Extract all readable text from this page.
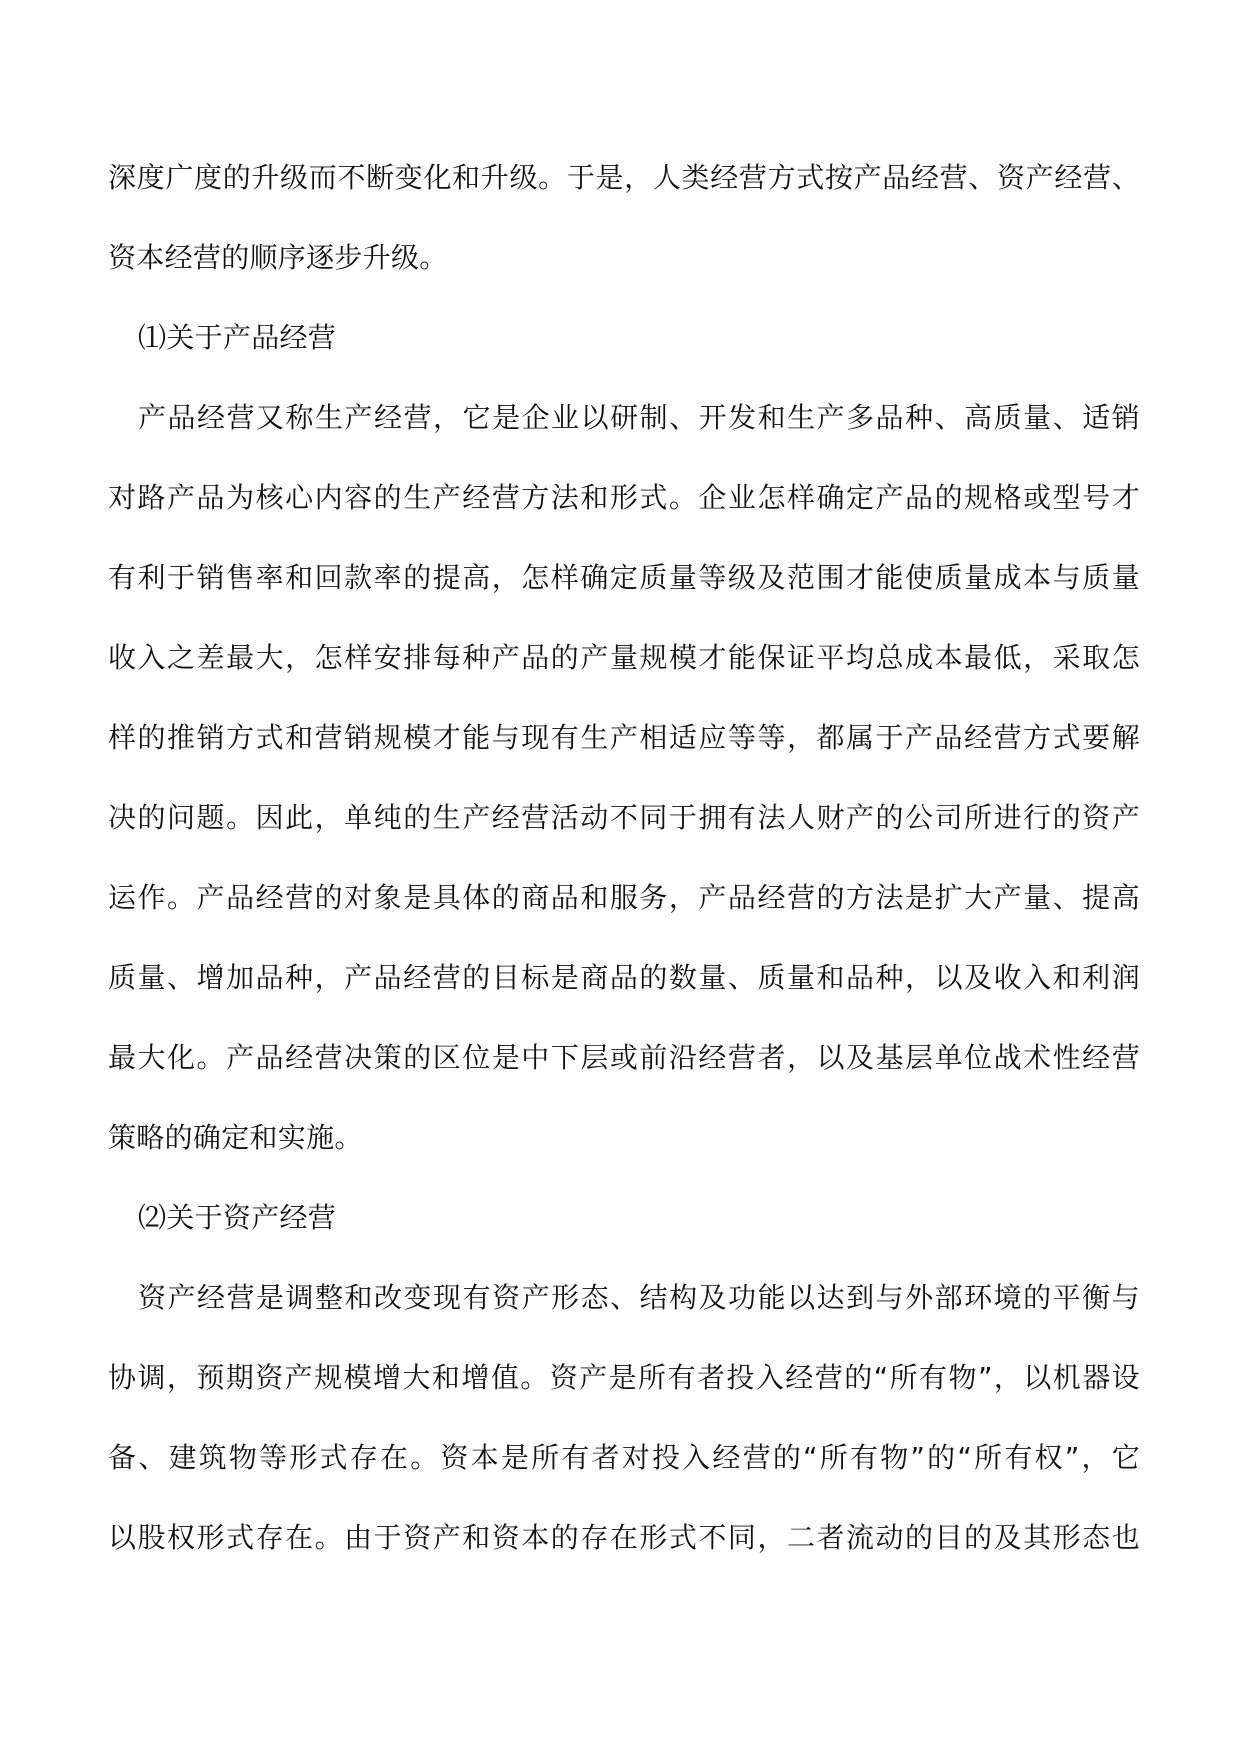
深度广度的升级而不断变化和升级。于是，人类经营方式按产品经营、资产经营、
资本经营的顺序逐步升级。
⑴关于产品经营
产品经营又称生产经营，它是企业以研制、开发和生产多品种、高质量、适销
对路产品为核心内容的生产经营方法和形式。企业怎样确定产品的规格或型号才
有利于销售率和回款率的提高，怎样确定质量等级及范围才能使质量成本与质量
收入之差最大，怎样安排每种产品的产量规模才能保证平均总成本最低，采取怎
样的推销方式和营销规模才能与现有生产相适应等等，都属于产品经营方式要解
决的问题。因此，单纯的生产经营活动不同于拥有法人财产的公司所进行的资产
运作。产品经营的对象是具体的商品和服务，产品经营的方法是扩大产量、提高
质量、增加品种，产品经营的目标是商品的数量、质量和品种，以及收入和利润
最大化。产品经营决策的区位是中下层或前沿经营者，以及基层单位战术性经营
策略的确定和实施。
⑵关于资产经营
资产经营是调整和改变现有资产形态、结构及功能以达到与外部环境的平衡与
协调，预期资产规模增大和增值。资产是所有者投入经营的“所有物”，以机器设
备、建筑物等形式存在。资本是所有者对投入经营的“所有物”的“所有权”，它
以股权形式存在。由于资产和资本的存在形式不同，二者流动的目的及其形态也
